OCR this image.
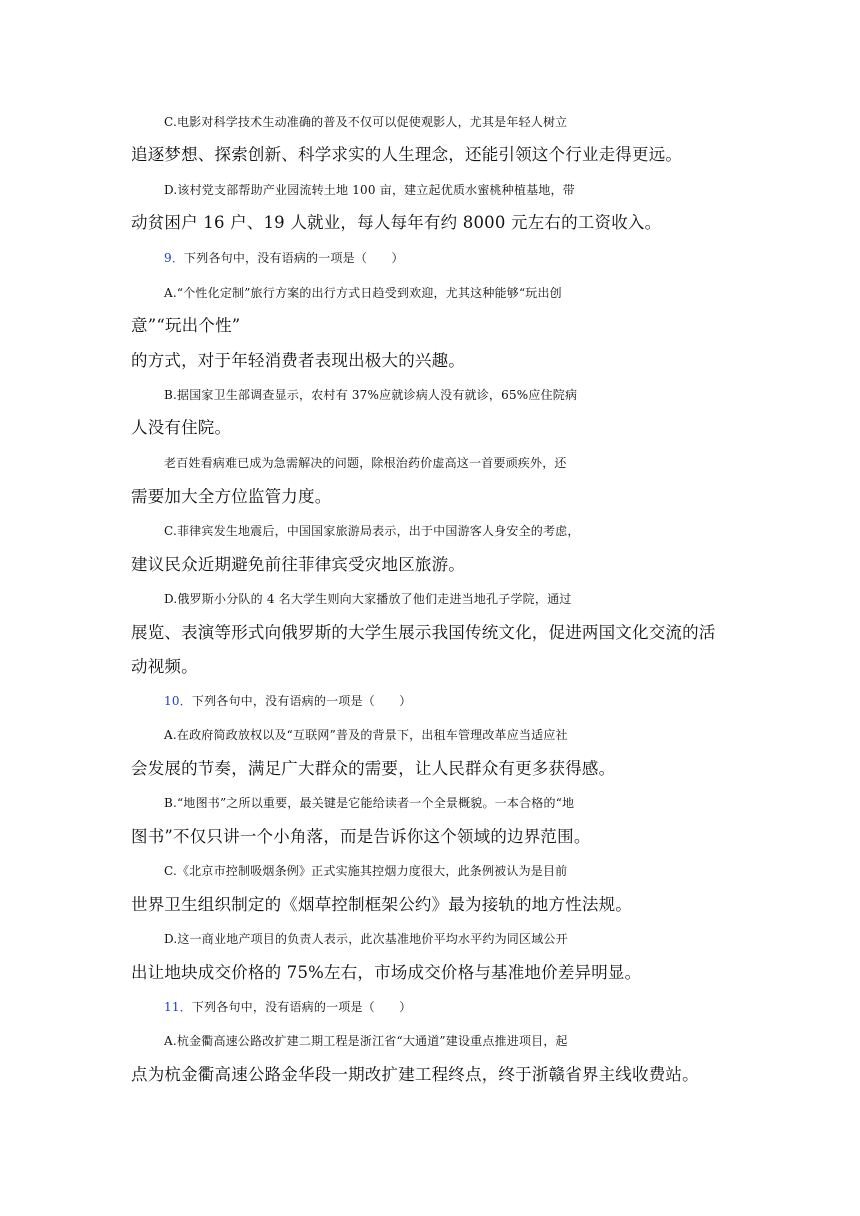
C.电影对科学技术生动准确的普及不仅可以促使观影人，尤其是年轻人树立
追逐梦想、探索创新、科学求实的人生理念，还能引领这个行业走得更远。
D.该村党支部帮助产业园流转土地 100 亩，建立起优质水蜜桃种植基地，带
动贫困户 16 户、19 人就业，每人每年有约 8000 元左右的工资收入。
9．下列各句中，没有语病的一项是（　　）
A.“个性化定制”旅行方案的出行方式日趋受到欢迎，尤其这种能够“玩出创
意”“玩出个性”
的方式，对于年轻消费者表现出极大的兴趣。
B.据国家卫生部调查显示，农村有 37%应就诊病人没有就诊，65%应住院病
人没有住院。
老百姓看病难已成为急需解决的问题，除根治药价虚高这一首要顽疾外，还
需要加大全方位监管力度。
C.菲律宾发生地震后，中国国家旅游局表示，出于中国游客人身安全的考虑，
建议民众近期避免前往菲律宾受灾地区旅游。
D.俄罗斯小分队的 4 名大学生则向大家播放了他们走进当地孔子学院，通过
展览、表演等形式向俄罗斯的大学生展示我国传统文化，促进两国文化交流的活
动视频。
10．下列各句中，没有语病的一项是（　　）
A.在政府简政放权以及“互联网”普及的背景下，出租车管理改革应当适应社
会发展的节奏，满足广大群众的需要，让人民群众有更多获得感。
B.“地图书”之所以重要，最关键是它能给读者一个全景概貌。一本合格的“地
图书”不仅只讲一个小角落，而是告诉你这个领域的边界范围。
C.《北京市控制吸烟条例》正式实施其控烟力度很大，此条例被认为是目前
世界卫生组织制定的《烟草控制框架公约》最为接轨的地方性法规。
D.这一商业地产项目的负责人表示，此次基准地价平均水平约为同区域公开
出让地块成交价格的 75%左右，市场成交价格与基准地价差异明显。
11．下列各句中，没有语病的一项是（　　）
A.杭金衢高速公路改扩建二期工程是浙江省“大通道”建设重点推进项目，起
点为杭金衢高速公路金华段一期改扩建工程终点，终于浙赣省界主线收费站。
